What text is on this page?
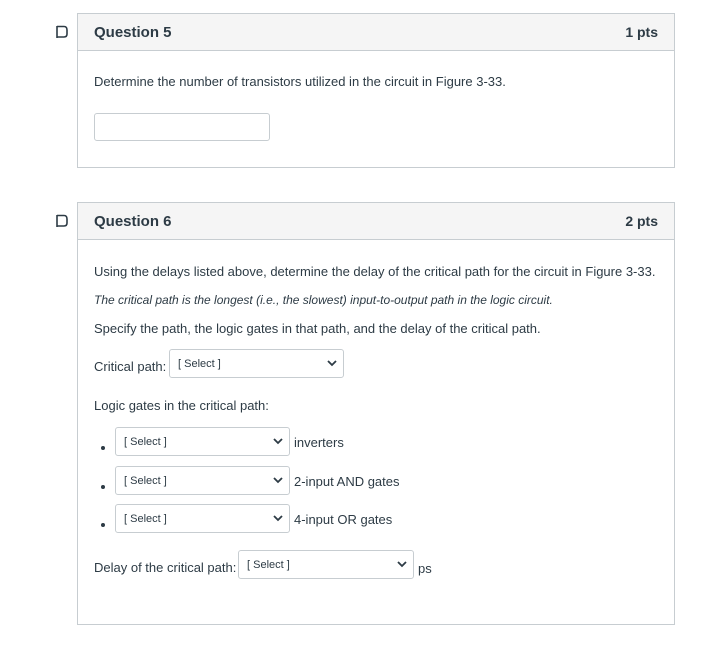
Question 5	1 pts
Determine the number of transistors utilized in the circuit in Figure 3-33.
Question 6	2 pts
Using the delays listed above, determine the delay of the critical path for the circuit in Figure 3-33.
The critical path is the longest (i.e., the slowest) input-to-output path in the logic circuit.
Specify the path, the logic gates in that path, and the delay of the critical path.
Critical path: [ Select ]
Logic gates in the critical path:
[ Select ]	inverters
[ Select ]	2-input AND gates
[ Select ]	4-input OR gates
Delay of the critical path: [ Select ]	ps
